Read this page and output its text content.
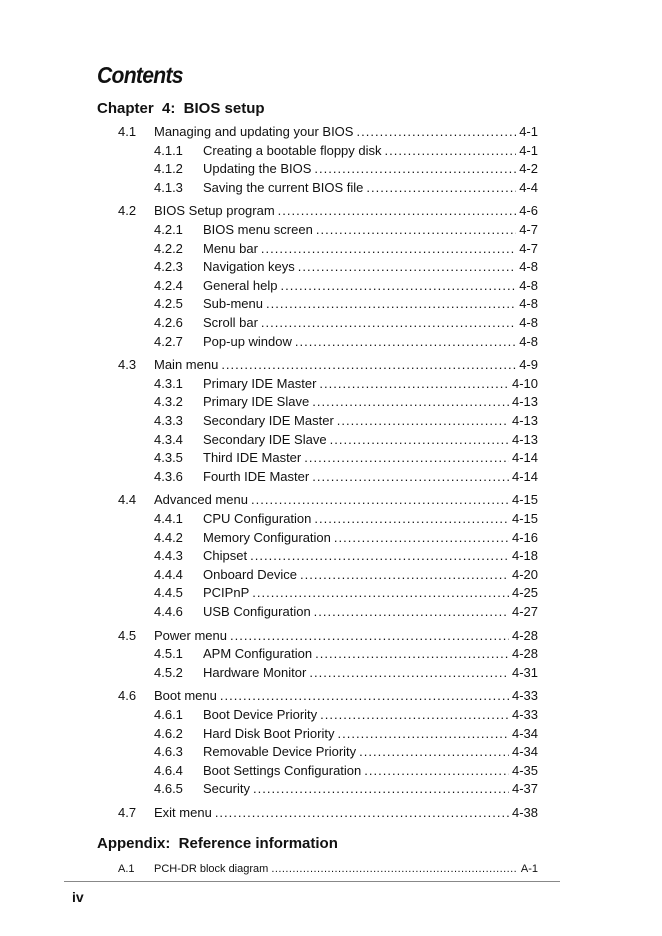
Contents
Chapter  4:  BIOS setup
4.1	Managing and updating your BIOS . . .	4-1
4.1.1	Creating a bootable floppy disk . . .	4-1
4.1.2	Updating the BIOS . . .	4-2
4.1.3	Saving the current BIOS file . . .	4-4
4.2	BIOS Setup program . . .	4-6
4.2.1	BIOS menu screen . . .	4-7
4.2.2	Menu bar . . .	4-7
4.2.3	Navigation keys . . .	4-8
4.2.4	General help . . .	4-8
4.2.5	Sub-menu . . .	4-8
4.2.6	Scroll bar . . .	4-8
4.2.7	Pop-up window . . .	4-8
4.3	Main menu . . .	4-9
4.3.1	Primary IDE Master . . .	4-10
4.3.2	Primary IDE Slave . . .	4-13
4.3.3	Secondary IDE Master . . .	4-13
4.3.4	Secondary IDE Slave . . .	4-13
4.3.5	Third IDE Master . . .	4-14
4.3.6	Fourth IDE Master . . .	4-14
4.4	Advanced menu . . .	4-15
4.4.1	CPU Configuration . . .	4-15
4.4.2	Memory Configuration . . .	4-16
4.4.3	Chipset . . .	4-18
4.4.4	Onboard Device . . .	4-20
4.4.5	PCIPnP . . .	4-25
4.4.6	USB Configuration . . .	4-27
4.5	Power menu . . .	4-28
4.5.1	APM Configuration . . .	4-28
4.5.2	Hardware Monitor . . .	4-31
4.6	Boot menu . . .	4-33
4.6.1	Boot Device Priority . . .	4-33
4.6.2	Hard Disk Boot Priority . . .	4-34
4.6.3	Removable Device Priority . . .	4-34
4.6.4	Boot Settings Configuration . . .	4-35
4.6.5	Security . . .	4-37
4.7	Exit menu . . .	4-38
Appendix:  Reference information
A.1	PCH-DR block diagram . . .	A-1
iv
